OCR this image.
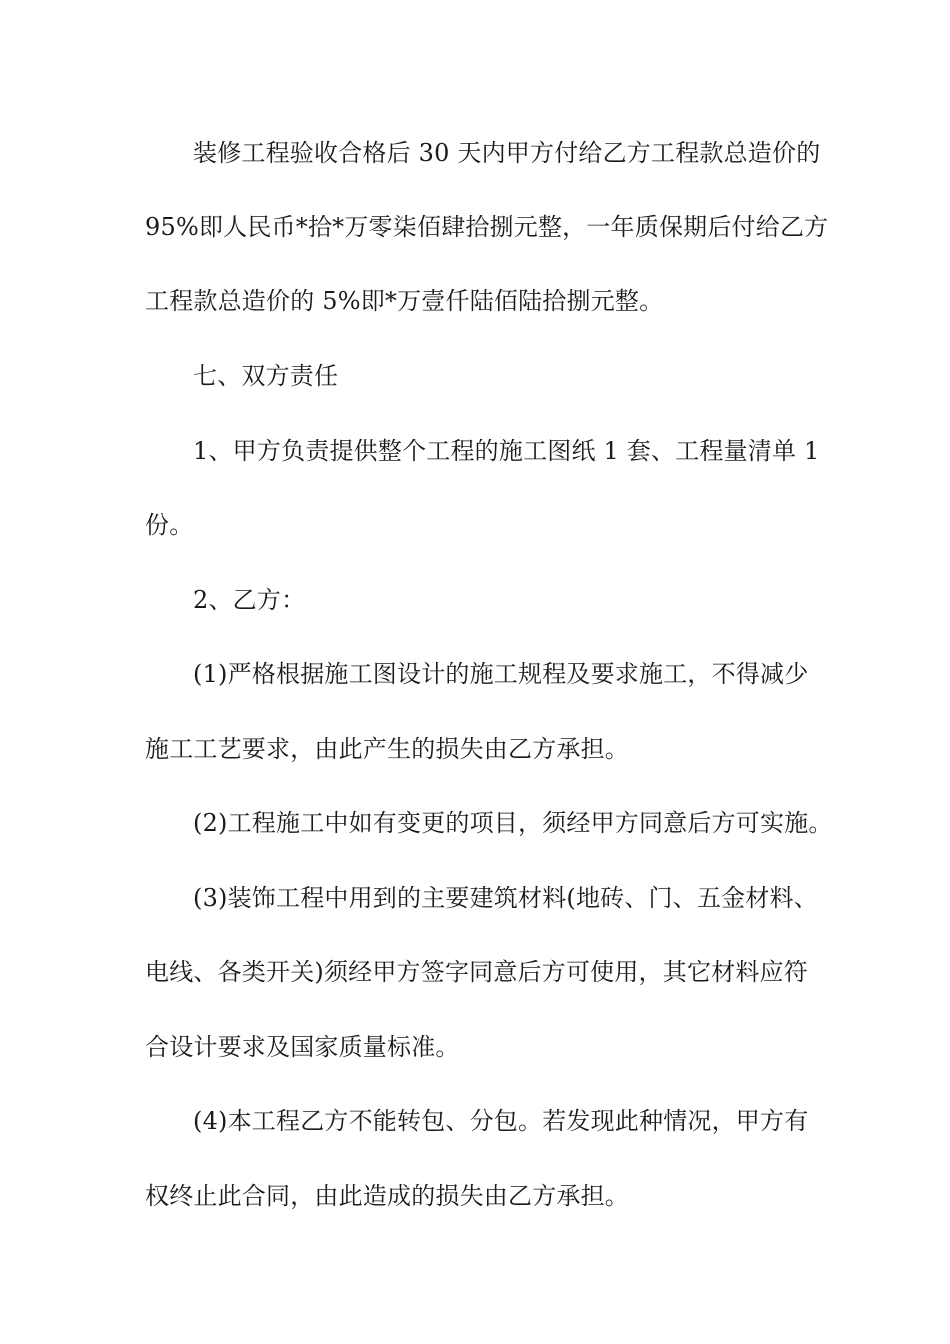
装修工程验收合格后 30 天内甲方付给乙方工程款总造价的
95%即人民币*拾*万零柒佰肆拾捌元整，一年质保期后付给乙方
工程款总造价的 5%即*万壹仟陆佰陆拾捌元整。
七、双方责任
1、甲方负责提供整个工程的施工图纸 1 套、工程量清单 1
份。
2、乙方：
(1)严格根据施工图设计的施工规程及要求施工，不得减少
施工工艺要求，由此产生的损失由乙方承担。
(2)工程施工中如有变更的项目，须经甲方同意后方可实施。
(3)装饰工程中用到的主要建筑材料(地砖、门、五金材料、
电线、各类开关)须经甲方签字同意后方可使用，其它材料应符
合设计要求及国家质量标准。
(4)本工程乙方不能转包、分包。若发现此种情况，甲方有
权终止此合同，由此造成的损失由乙方承担。
